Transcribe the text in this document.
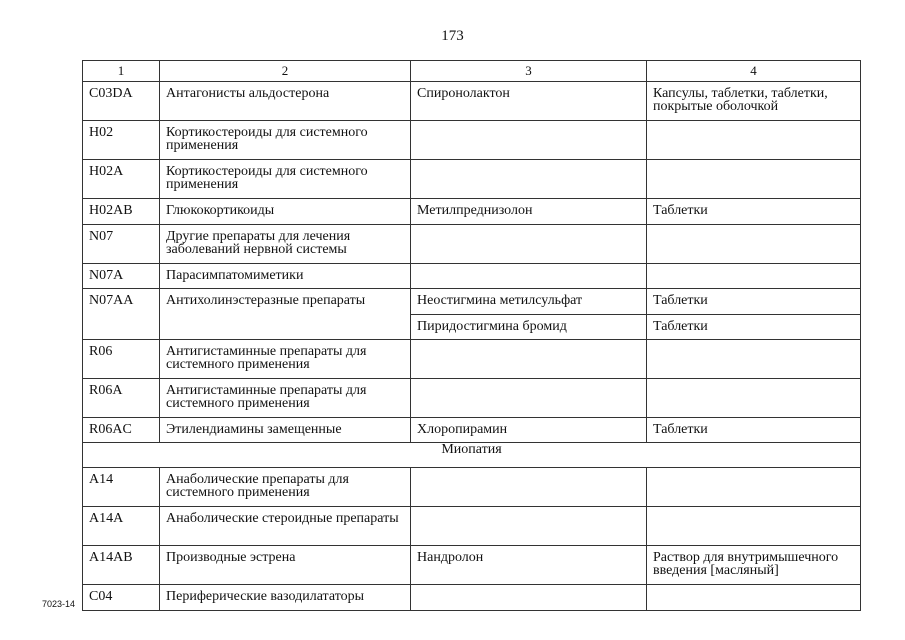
173
1	2	3	4

C03DA	Антагонисты альдостерона	Спиронолактон	Капсулы, таблетки, таблетки, покрытые оболочкой

H02	Кортикостероиды для системного применения		

H02A	Кортикостероиды для системного применения		

H02AB	Глюкокортикоиды	Метилпреднизолон	Таблетки

N07	Другие препараты для лечения заболеваний нервной системы		

N07A	Парасимпатомиметики		

N07AA	Антихолинэстеразные препараты	Неостигмина метилсульфат	Таблетки

		Пиридостигмина бромид	Таблетки

R06	Антигистаминные препараты для системного применения		

R06A	Антигистаминные препараты для системного применения		

R06AC	Этилендиамины замещенные	Хлоропирамин	Таблетки

Миопатия			

A14	Анаболические препараты для системного применения		

A14A	Анаболические стероидные препараты		

A14AB	Производные эстрена	Нандролон	Раствор для внутримышечного введения [масляный]

C04	Периферические вазодилататоры		

7023-14
